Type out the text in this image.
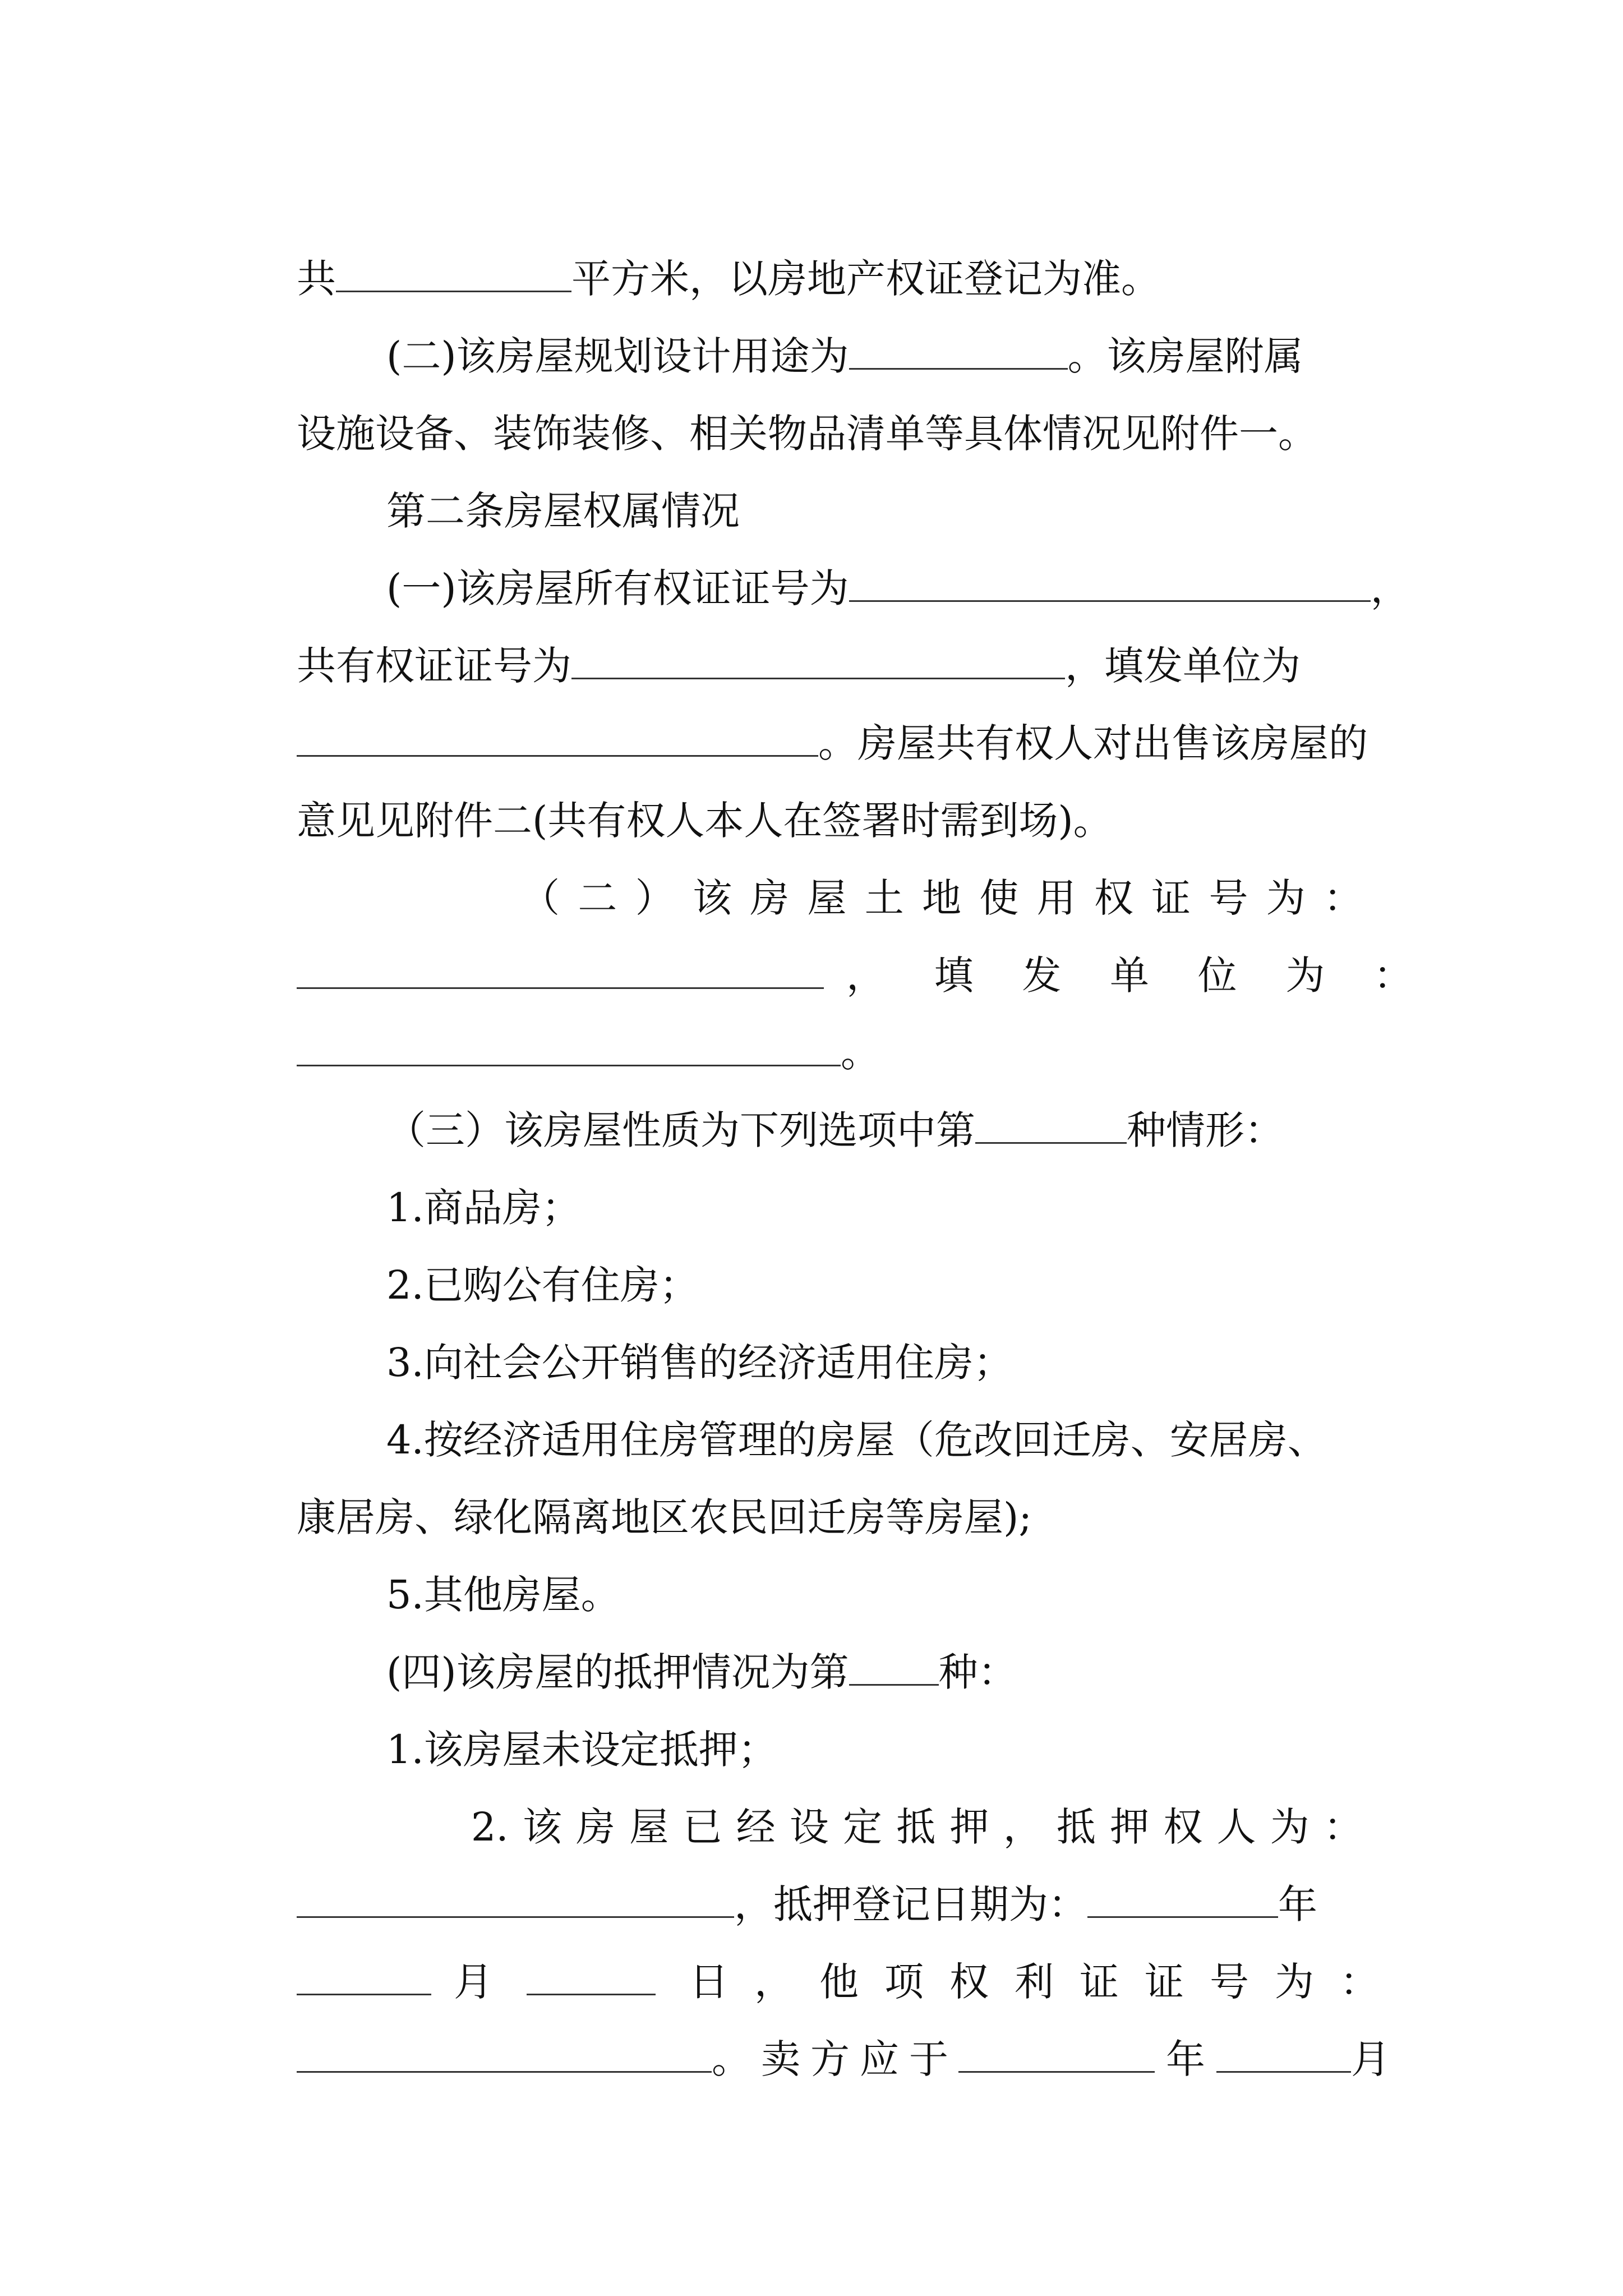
共	平方米，以房地产权证登记为准。

(二)该房屋规划设计用途为	。该房屋附属

设施设备、装饰装修、相关物品清单等具体情况见附件一。

第二条房屋权属情况

(一)该房屋所有权证证号为	，

共有权证证号为	，填发单位为

。房屋共有权人对出售该房屋的

意见见附件二(共有权人本人在签署时需到场)。

（二）该房屋土地使用权证号为：

，填发单位为：

。

（三）该房屋性质为下列选项中第	种情形：

1.商品房；

2.已购公有住房；

3.向社会公开销售的经济适用住房；

4.按经济适用住房管理的房屋（危改回迁房、安居房、

康居房、绿化隔离地区农民回迁房等房屋);

5.其他房屋。

(四)该房屋的抵押情况为第 种：

1.该房屋未设定抵押；

2.该房屋已经设定抵押，抵押权人为：

，抵押登记日期为：	年

月	日，他项权利证证号为：

。卖方应于	年	月
